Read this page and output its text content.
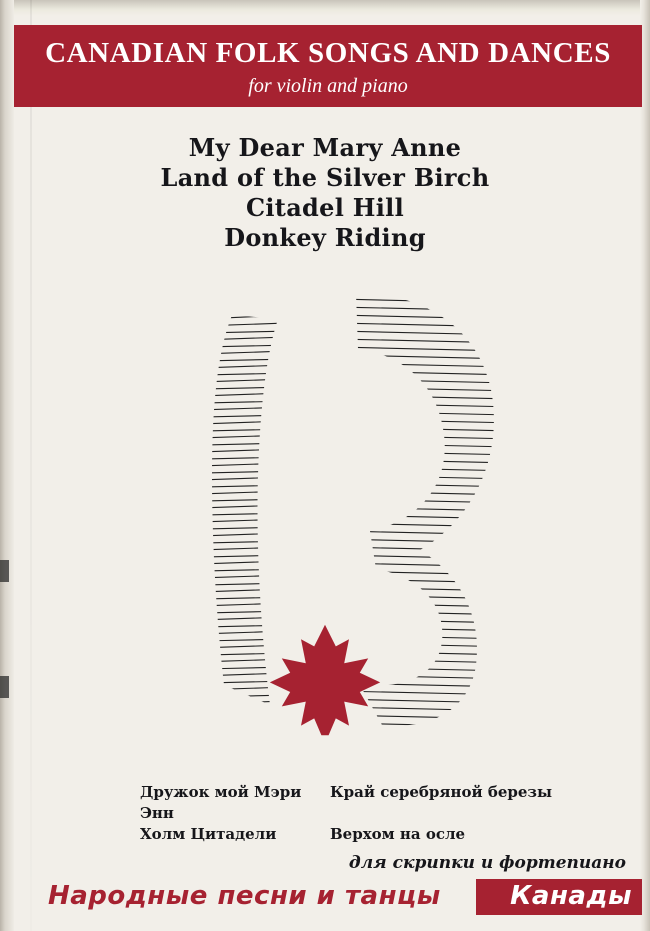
CANADIAN FOLK SONGS AND DANCES
for violin and piano
My Dear Mary Anne
Land of the Silver Birch
Citadel Hill
Donkey Riding
Дружок мой Мэри Энн
Край серебряной березы
Холм Цитадели	Верхом на осле
для скрипки и фортепиано
Народные песни и танцы	Канады
